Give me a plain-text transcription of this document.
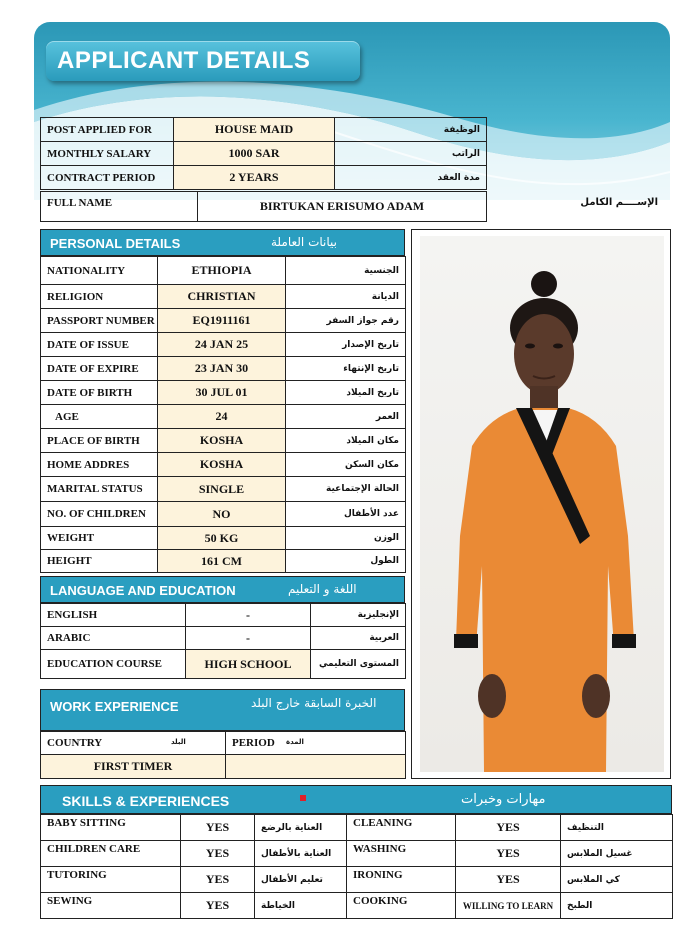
APPLICANT DETAILS
POST APPLIED FOR	HOUSE MAID	الوظيفة
MONTHLY SALARY	1000 SAR	الراتب
CONTRACT PERIOD	2 YEARS	مدة العقد
FULL NAME	BIRTUKAN ERISUMO ADAM	الإســــم الكامل
PERSONAL DETAILS	بيانات العاملة
NATIONALITY	ETHIOPIA	الجنسية
RELIGION	CHRISTIAN	الديانة
PASSPORT NUMBER	EQ1911161	رقم جواز السفر
DATE OF ISSUE	24 JAN 25	تاريخ الإصدار
DATE OF EXPIRE	23 JAN 30	تاريخ الإنتهاء
DATE OF BIRTH	30 JUL 01	تاريخ الميلاد
AGE	24	العمر
PLACE OF BIRTH	KOSHA	مكان الميلاد
HOME ADDRES	KOSHA	مكان السكن
MARITAL STATUS	SINGLE	الحالة الإجتماعية
NO. OF CHILDREN	NO	عدد الأطفال
WEIGHT	50 KG	الوزن
HEIGHT	161 CM	الطول
LANGUAGE AND EDUCATION	اللغة و التعليم
ENGLISH	-	الإنجليزية
ARABIC	-	العربية
EDUCATION COURSE	HIGH SCHOOL	المستوى التعليمي
WORK EXPERIENCE	الخبرة السابقة خارج البلد
COUNTRY البلد	PERIOD المدة

FIRST TIMER	
SKILLS & EXPERIENCES	مهارات وخبرات
BABY SITTING	YES	العناية بالرضع	CLEANING	YES	التنظيف
CHILDREN CARE	YES	العناية بالأطفال	WASHING	YES	غسيل الملابس
TUTORING	YES	تعليم الأطفال	IRONING	YES	كي الملابس
SEWING	YES	الخياطة	COOKING	WILLING TO LEARN	الطبخ
